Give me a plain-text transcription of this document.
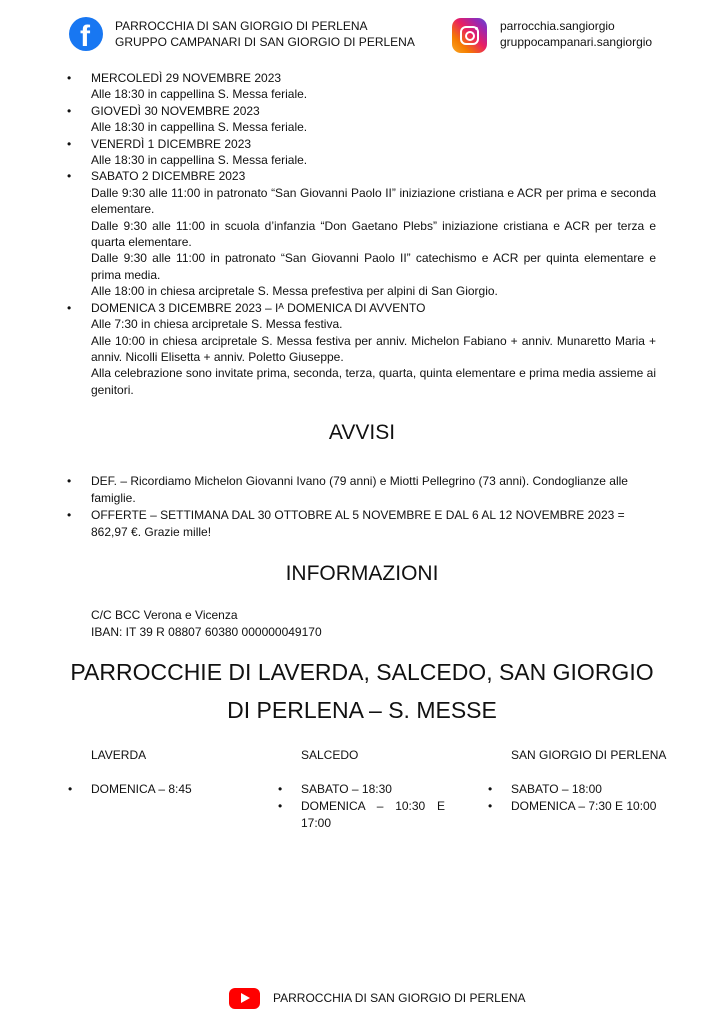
f PARROCCHIA DI SAN GIORGIO DI PERLENA
GRUPPO CAMPANARI DI SAN GIORGIO DI PERLENA
parrocchia.sangiorgio
gruppocampanari.sangiorgio
• MERCOLEDÌ 29 NOVEMBRE 2023
Alle 18:30 in cappellina S. Messa feriale.
• GIOVEDÌ 30 NOVEMBRE 2023
Alle 18:30 in cappellina S. Messa feriale.
• VENERDÌ 1 DICEMBRE 2023
Alle 18:30 in cappellina S. Messa feriale.
• SABATO 2 DICEMBRE 2023
Dalle 9:30 alle 11:00 in patronato “San Giovanni Paolo II” iniziazione cristiana e ACR per prima e seconda elementare.
Dalle 9:30 alle 11:00 in scuola d’infanzia “Don Gaetano Plebs” iniziazione cristiana e ACR per terza e quarta elementare.
Dalle 9:30 alle 11:00 in patronato “San Giovanni Paolo II” catechismo e ACR per quinta elementare e prima media.
Alle 18:00 in chiesa arcipretale S. Messa prefestiva per alpini di San Giorgio.
• DOMENICA 3 DICEMBRE 2023 – Iᴬ DOMENICA DI AVVENTO
Alle 7:30 in chiesa arcipretale S. Messa festiva.
Alle 10:00 in chiesa arcipretale S. Messa festiva per anniv. Michelon Fabiano + anniv. Munaretto Maria + anniv. Nicolli Elisetta + anniv. Poletto Giuseppe.
Alla celebrazione sono invitate prima, seconda, terza, quarta, quinta elementare e prima media assieme ai genitori.
AVVISI
• DEF. – Ricordiamo Michelon Giovanni Ivano (79 anni) e Miotti Pellegrino (73 anni). Condoglianze alle famiglie.
• OFFERTE – SETTIMANA DAL 30 OTTOBRE AL 5 NOVEMBRE E DAL 6 AL 12 NOVEMBRE 2023 = 862,97 €. Grazie mille!
INFORMAZIONI
C/C BCC Verona e Vicenza
IBAN: IT 39 R 08807 60380 000000049170
PARROCCHIE DI LAVERDA, SALCEDO, SAN GIORGIO DI PERLENA – S. MESSE
LAVERDA
• DOMENICA – 8:45
SALCEDO
• SABATO – 18:30
• DOMENICA – 10:30 E 17:00
SAN GIORGIO DI PERLENA
• SABATO – 18:00
• DOMENICA – 7:30 E 10:00
PARROCCHIA DI SAN GIORGIO DI PERLENA
